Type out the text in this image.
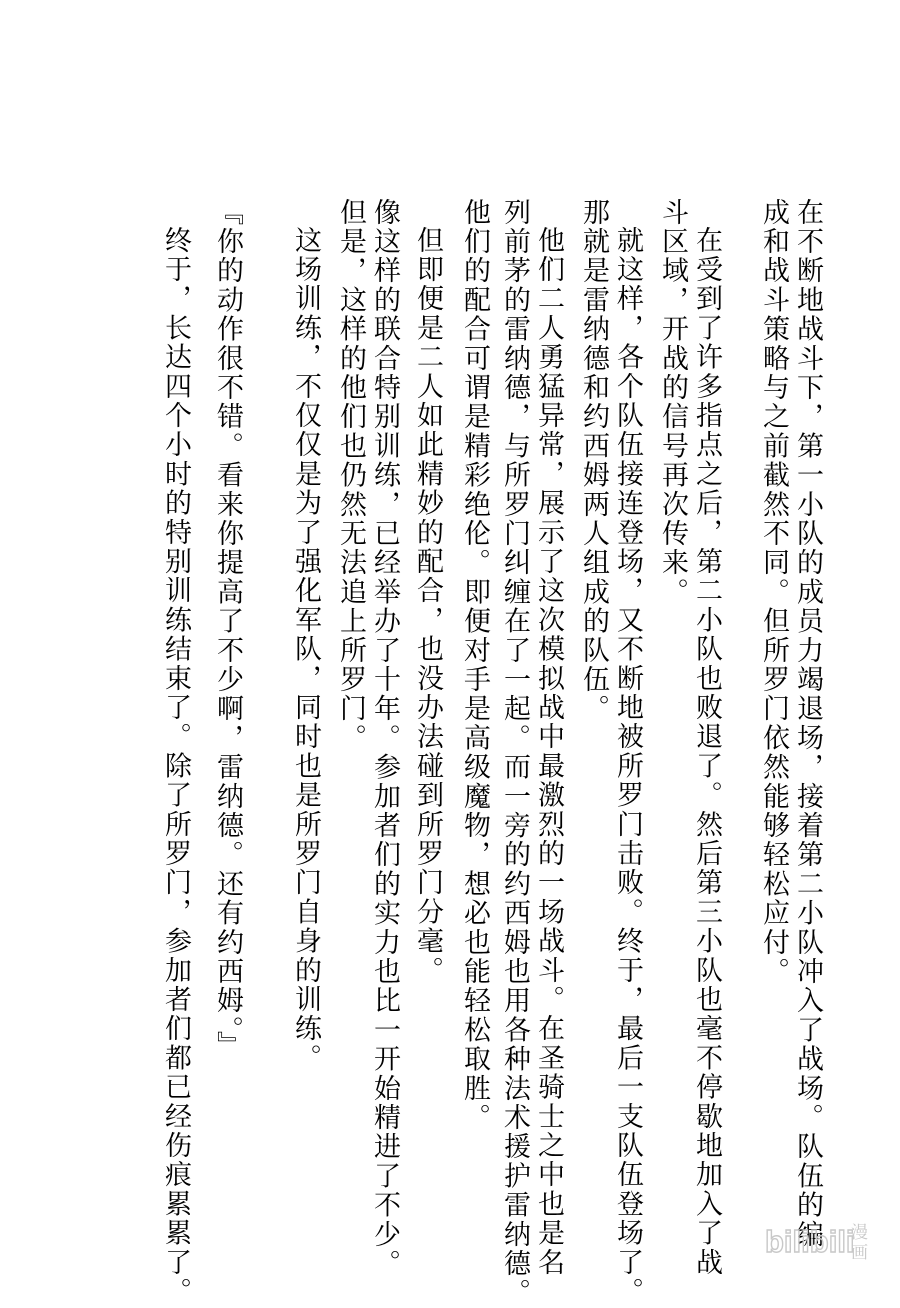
在不断地战斗下，第一小队的成员力竭退场，接着第二小队冲入了战场。队伍的编
成和战斗策略与之前截然不同。但所罗门依然能够轻松应付。
在受到了许多指点之后，第二小队也败退了。然后第三小队也毫不停歇地加入了战
斗区域，开战的信号再次传来。
就这样，各个队伍接连登场，又不断地被所罗门击败。终于，最后一支队伍登场了。
那就是雷纳德和约西姆两人组成的队伍。
他们二人勇猛异常，展示了这次模拟战中最激烈的一场战斗。在圣骑士之中也是名
列前茅的雷纳德，与所罗门纠缠在了一起。而一旁的约西姆也用各种法术援护雷纳德。
他们的配合可谓是精彩绝伦。即便对手是高级魔物，想必也能轻松取胜。
但即便是二人如此精妙的配合，也没办法碰到所罗门分毫。
像这样的联合特别训练，已经举办了十年。参加者们的实力也比一开始精进了不少。
但是，这样的他们也仍然无法追上所罗门。
这场训练，不仅仅是为了强化军队，同时也是所罗门自身的训练。
『你的动作很不错。看来你提高了不少啊，雷纳德。还有约西姆。』
终于，长达四个小时的特别训练结束了。除了所罗门，参加者们都已经伤痕累累了。	bilibili
漫
画
